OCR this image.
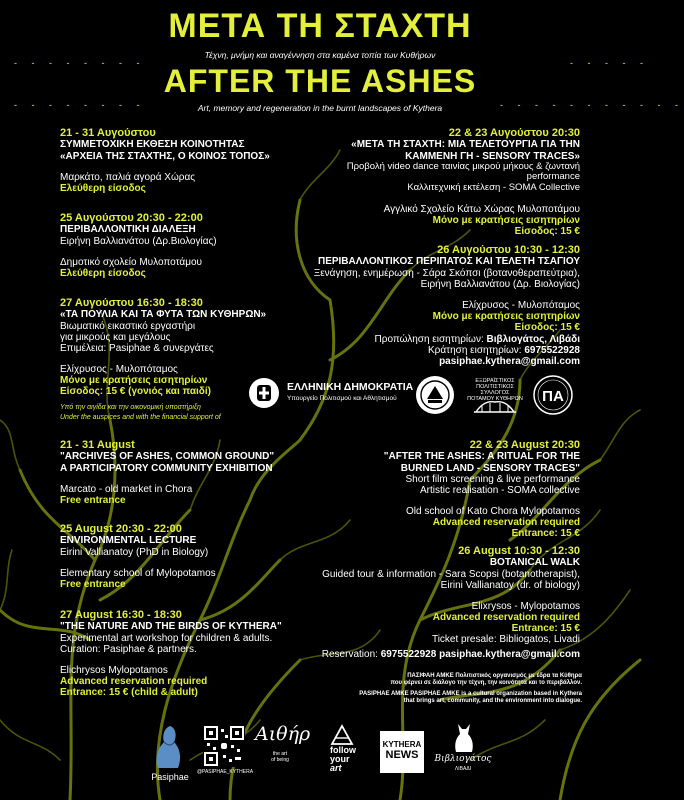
ΜΕΤΑ ΤΗ ΣΤΑΧΤΗ
Τέχνη, μνήμη και αναγέννηση στα καμένα τοπία των Κυθήρων
- - - - - - - -	- - - - -
AFTER THE ASHES
Art, memory and regeneration in the burnt landscapes of Kythera
- - - - - - - -	- - - - - - - - - - -
21 - 31 Αυγούστου
ΣΥΜΜΕΤΟΧΙΚΗ ΕΚΘΕΣΗ ΚΟΙΝΟΤΗΤΑΣ
«ΑΡΧΕΙΑ ΤΗΣ ΣΤΑΧΤΗΣ, Ο ΚΟΙΝΟΣ ΤΟΠΟΣ»
Μαρκάτο, παλιά αγορά Χώρας
Ελεύθερη είσοδος
25 Αυγούστου 20:30 - 22:00
ΠΕΡΙΒΑΛΛΟΝΤΙΚΗ ΔΙΑΛΕΞΗ
Ειρήνη Βαλλιανάτου (Δρ.Βιολογίας)
Δημοτικό σχολείο Μυλοποτάμου
Ελεύθερη είσοδος
27 Αυγούστου 16:30 - 18:30
«ΤΑ ΠΟΥΛΙΑ ΚΑΙ ΤΑ ΦΥΤΑ ΤΩΝ ΚΥΘΗΡΩΝ»
Βιωματικό εικαστικό εργαστήρι
για μικρούς και μεγάλους
Επιμέλεια: Pasiphae & συνεργάτες
Ελίχρυσος - Μυλοπόταμος
Μόνο με κρατήσεις εισητηρίων
Είσοδος: 15 € (γονιός και παιδί)
22 & 23 Αυγούστου 20:30
«ΜΕΤΑ ΤΗ ΣΤΑΧΤΗ: ΜΙΑ ΤΕΛΕΤΟΥΡΓΙΑ ΓΙΑ ΤΗΝ
ΚΑΜΜΕΝΗ ΓΗ - SENSORY TRACES»
Προβολή video dance ταινίας μικρού μήκους & ζωντανή performance
Καλλιτεχνική εκτέλεση - SOMA Collective
Αγγλικό Σχολείο Κάτω Χώρας Μυλοποτάμου
Μόνο με κρατήσεις εισητηρίων
Είσοδος: 15 €
26 Αυγούστου 10:30 - 12:30
ΠΕΡΙΒΑΛΛΟΝΤΙΚΟΣ ΠΕΡΙΠΑΤΟΣ ΚΑΙ ΤΕΛΕΤΗ ΤΣΑΓΙΟΥ
Ξενάγηση, ενημέρωση - Σάρα Σκόπσι (βοτανοθεραπεύτρια),
Ειρήνη Βαλλιανάτου (Δρ. Βιολογίας)
Ελίχρυσος - Μυλοπόταμος
Μόνο με κρατήσεις εισητηρίων
Είσοδος: 15 €
Προπώληση εισητηρίων: Βιβλιογάτος, Λιβάδι
Κράτηση εισητηρίων: 6975522928 pasiphae.kythera@gmail.com
Υπό την αιγίδα και την οικονομική υποστήριξη
Under the auspices and with the financial support of
ΕΛΛΗΝΙΚΗ ΔΗΜΟΚΡΑΤΙΑ
Υπουργείο Πολιτισμού και Αθλητισμού
ΕΞΩΡΑΪΣΤΙΚΟΣ
ΠΟΛΙΤΙΣΤΙΚΟΣ ΣΥΛΛΟΓΟΣ
ΠΟΤΑΜΟΥ ΚΥΘΗΡΩΝ ΠΑ
21 - 31 August
"ARCHIVES OF ASHES, COMMON GROUND"
A PARTICIPATORY COMMUNITY EXHIBITION
Marcato - old market in Chora
Free entrance
25 August 20:30 - 22:00
ENVIRONMENTAL LECTURE
Eirini Vallianatoy (PhD in Biology)
Elementary school of Mylopotamos
Free entrance
27 August 16:30 - 18:30
"THE NATURE AND THE BIRDS OF KYTHERA"
Experimental art workshop for children & adults.
Curation: Pasiphae & partners.
Elichrysos Mylopotamos
Advanced reservation required
Entrance: 15 € (child & adult)
22 & 23 August 20:30
"AFTER THE ASHES: A RITUAL FOR THE
BURNED LAND - SENSORY TRACES"
Short film screening & live performance
Artistic realisation - SOMA collective
Old school of Kato Chora Mylopotamos
Advanced reservation required
Entrance: 15 €
26 August 10:30 - 12:30
BOTANICAL WALK
Guided tour & information - Sara Scopsi (botanotherapist),
Eirini Vallianatoy (dr. of biology)
Elixrysos - Mylopotamos
Advanced reservation required
Entrance: 15 €
Ticket presale: Bibliogatos, Livadi
Reservation: 6975522928 pasiphae.kythera@gmail.com
ΠΑΣΙΦΑΗ ΑΜΚΕ Πολιτιστικός οργανισμός με έδρα τα Κύθηρα
που φέρνει σε διάλογο την τέχνη, την κοινότητα και το περιβάλλον.
PASIPHAE AMKE PASIPHAE AMKE is a cultural organization based in Kythera
that brings art, community, and the environment into dialogue.
Pasiphae	@PASIPHAE_KYTHERA
Αιθήρ
the art
of being
follow
your
art
KYTHERA
NEWS	Βιβλιογάτος
ΛΙΒΑΔΙ
